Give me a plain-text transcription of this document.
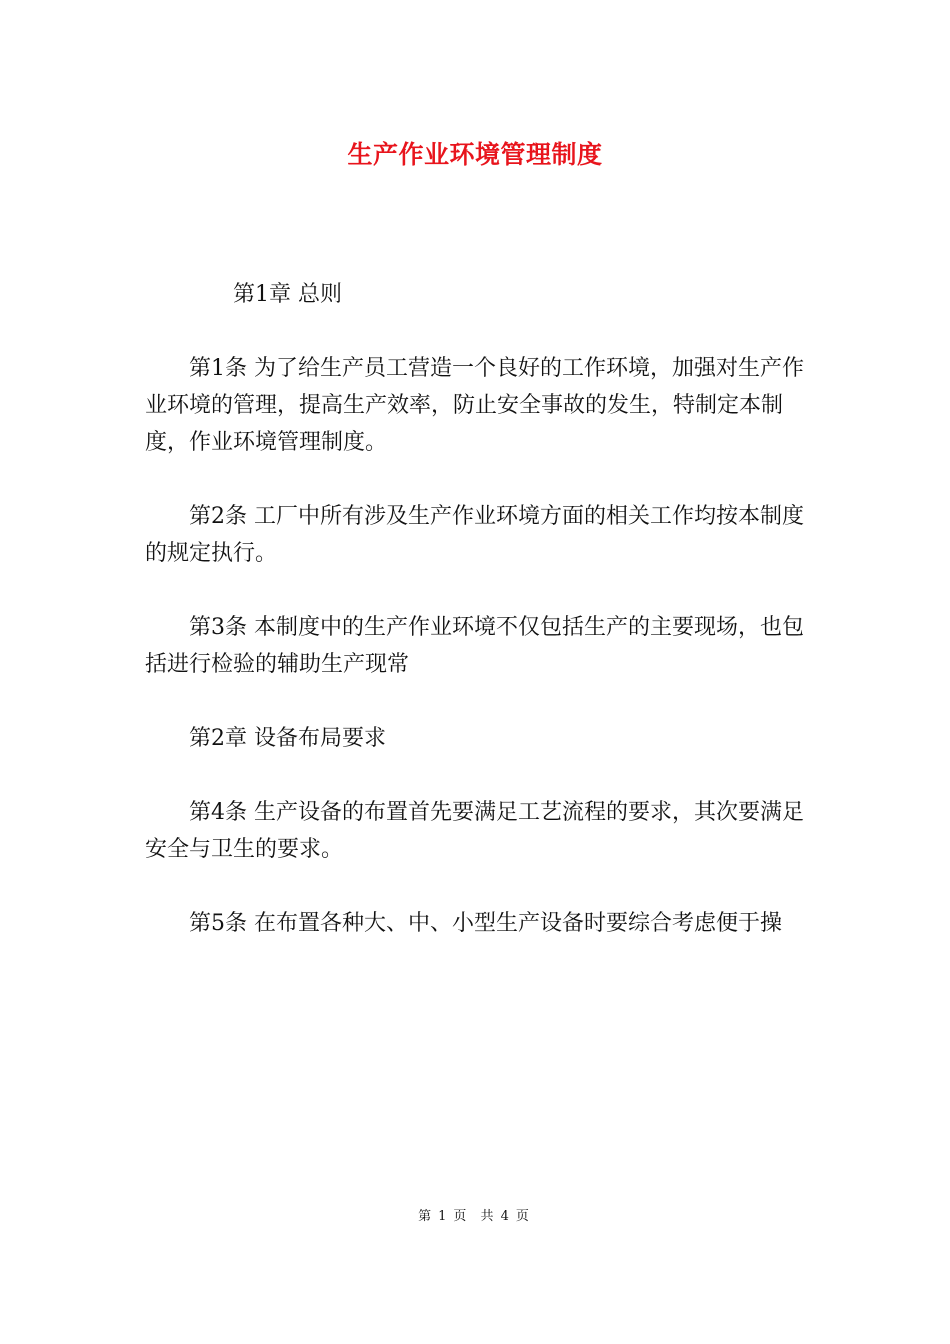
生产作业环境管理制度

第1章 总则

第1条 为了给生产员工营造一个良好的工作环境，加强对生产作业环境的管理，提高生产效率，防止安全事故的发生，特制定本制度，作业环境管理制度。

第2条 工厂中所有涉及生产作业环境方面的相关工作均按本制度的规定执行。

第3条 本制度中的生产作业环境不仅包括生产的主要现场，也包括进行检验的辅助生产现常

第2章 设备布局要求

第4条 生产设备的布置首先要满足工艺流程的要求，其次要满足安全与卫生的要求。

第5条 在布置各种大、中、小型生产设备时要综合考虑便于操

第 1 页 共 4 页
